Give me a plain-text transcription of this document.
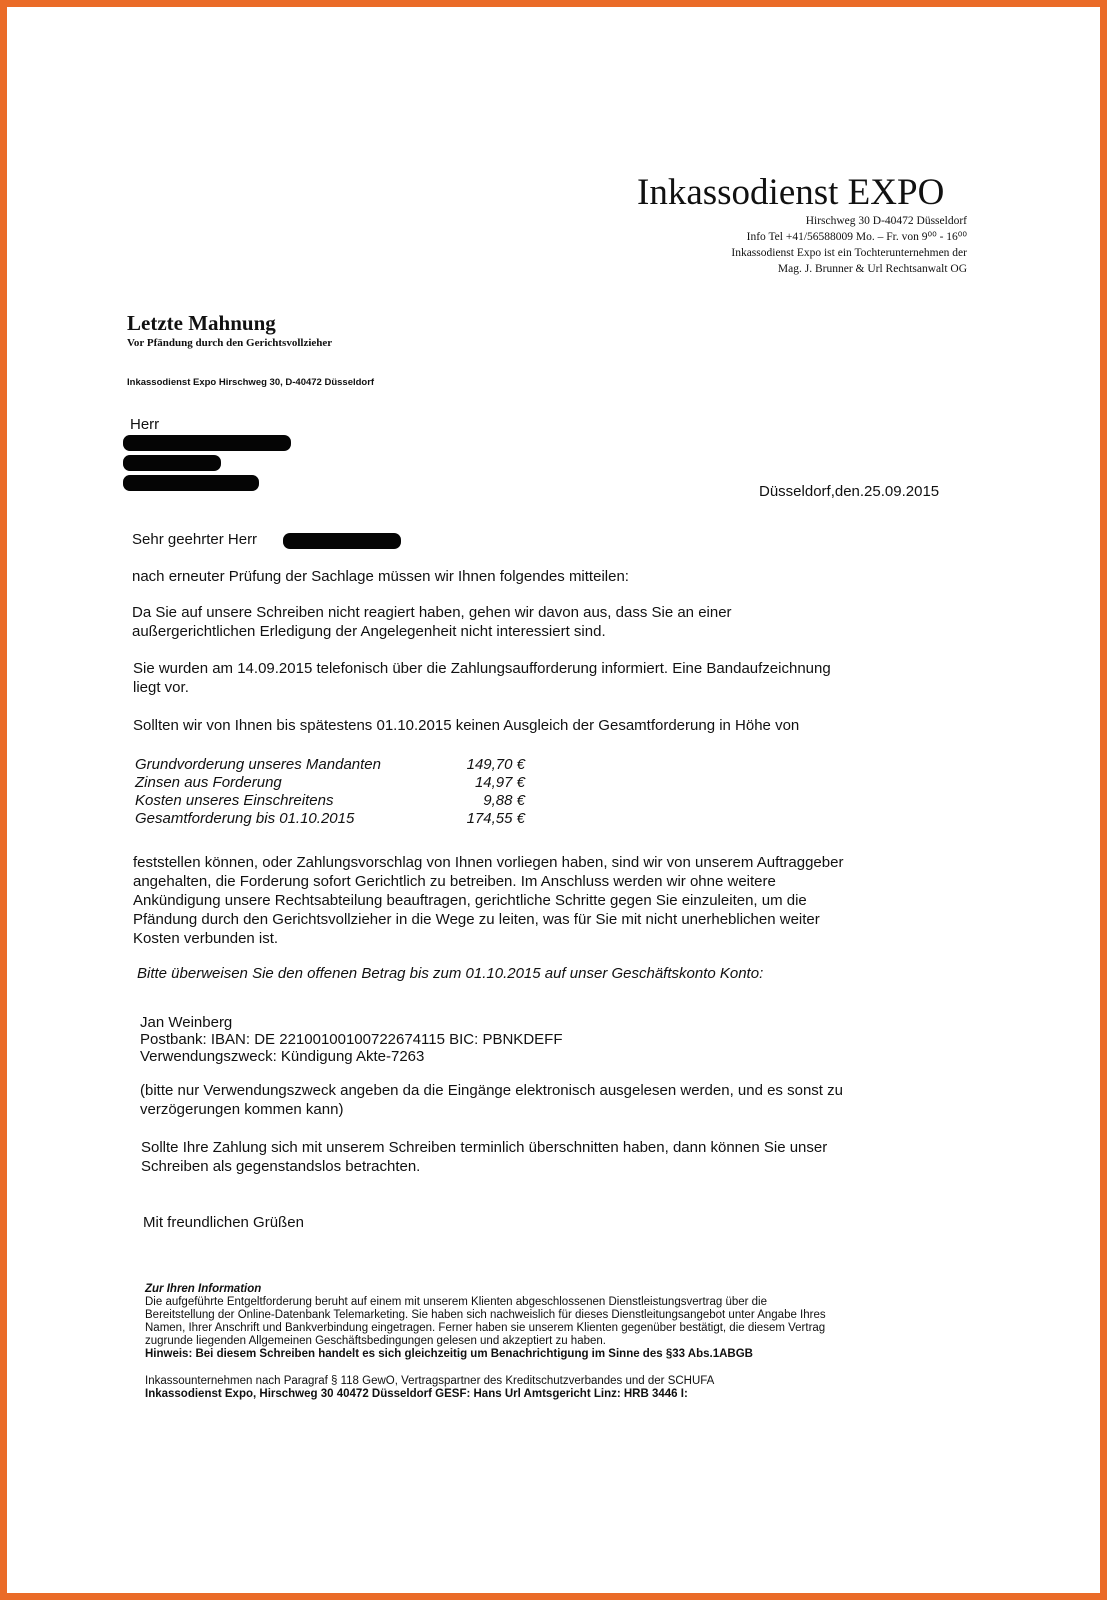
Inkassodienst EXPO
Hirschweg 30 D-40472 Düsseldorf
Info Tel +41/56588009 Mo. – Fr. von 9⁰⁰ - 16⁰⁰
Inkassodienst Expo ist ein Tochterunternehmen der
Mag. J. Brunner & Url Rechtsanwalt OG
Letzte Mahnung
Vor Pfändung durch den Gerichtsvollzieher
Inkassodienst Expo Hirschweg 30, D-40472 Düsseldorf
Herr
Düsseldorf,den.25.09.2015
Sehr geehrter Herr
nach erneuter Prüfung der Sachlage müssen wir Ihnen folgendes mitteilen:
Da Sie auf unsere Schreiben nicht reagiert haben, gehen wir davon aus, dass Sie an einer
außergerichtlichen Erledigung der Angelegenheit nicht interessiert sind.
Sie wurden am 14.09.2015 telefonisch über die Zahlungsaufforderung informiert. Eine Bandaufzeichnung
liegt vor.
Sollten wir von Ihnen bis spätestens 01.10.2015 keinen Ausgleich der Gesamtforderung in Höhe von
Grundvorderung unseres Mandanten	149,70 €
Zinsen aus Forderung	14,97 €
Kosten unseres Einschreitens	9,88 €
Gesamtforderung bis 01.10.2015	174,55 €
feststellen können, oder Zahlungsvorschlag von Ihnen vorliegen haben, sind wir von unserem Auftraggeber
angehalten, die Forderung sofort Gerichtlich zu betreiben. Im Anschluss werden wir ohne weitere
Ankündigung unsere Rechtsabteilung beauftragen, gerichtliche Schritte gegen Sie einzuleiten, um die
Pfändung durch den Gerichtsvollzieher in die Wege zu leiten, was für Sie mit nicht unerheblichen weiter
Kosten verbunden ist.
Bitte überweisen Sie den offenen Betrag bis zum 01.10.2015 auf unser Geschäftskonto Konto:
Jan Weinberg
Postbank: IBAN: DE 22100100100722674115 BIC: PBNKDEFF
Verwendungszweck: Kündigung Akte-7263
(bitte nur Verwendungszweck angeben da die Eingänge elektronisch ausgelesen werden, und es sonst zu
verzögerungen kommen kann)
Sollte Ihre Zahlung sich mit unserem Schreiben terminlich überschnitten haben, dann können Sie unser
Schreiben als gegenstandslos betrachten.
Mit freundlichen Grüßen
Zur Ihren Information
Die aufgeführte Entgeltforderung beruht auf einem mit unserem Klienten abgeschlossenen Dienstleistungsvertrag über die
Bereitstellung der Online-Datenbank Telemarketing. Sie haben sich nachweislich für dieses Dienstleitungsangebot unter Angabe Ihres
Namen, Ihrer Anschrift und Bankverbindung eingetragen. Ferner haben sie unserem Klienten gegenüber bestätigt, die diesem Vertrag
zugrunde liegenden Allgemeinen Geschäftsbedingungen gelesen und akzeptiert zu haben.
Hinweis: Bei diesem Schreiben handelt es sich gleichzeitig um Benachrichtigung im Sinne des §33 Abs.1ABGB
Inkassounternehmen nach Paragraf § 118 GewO, Vertragspartner des Kreditschutzverbandes und der SCHUFA
Inkassodienst Expo, Hirschweg 30 40472 Düsseldorf GESF: Hans Url Amtsgericht Linz: HRB 3446 I:
